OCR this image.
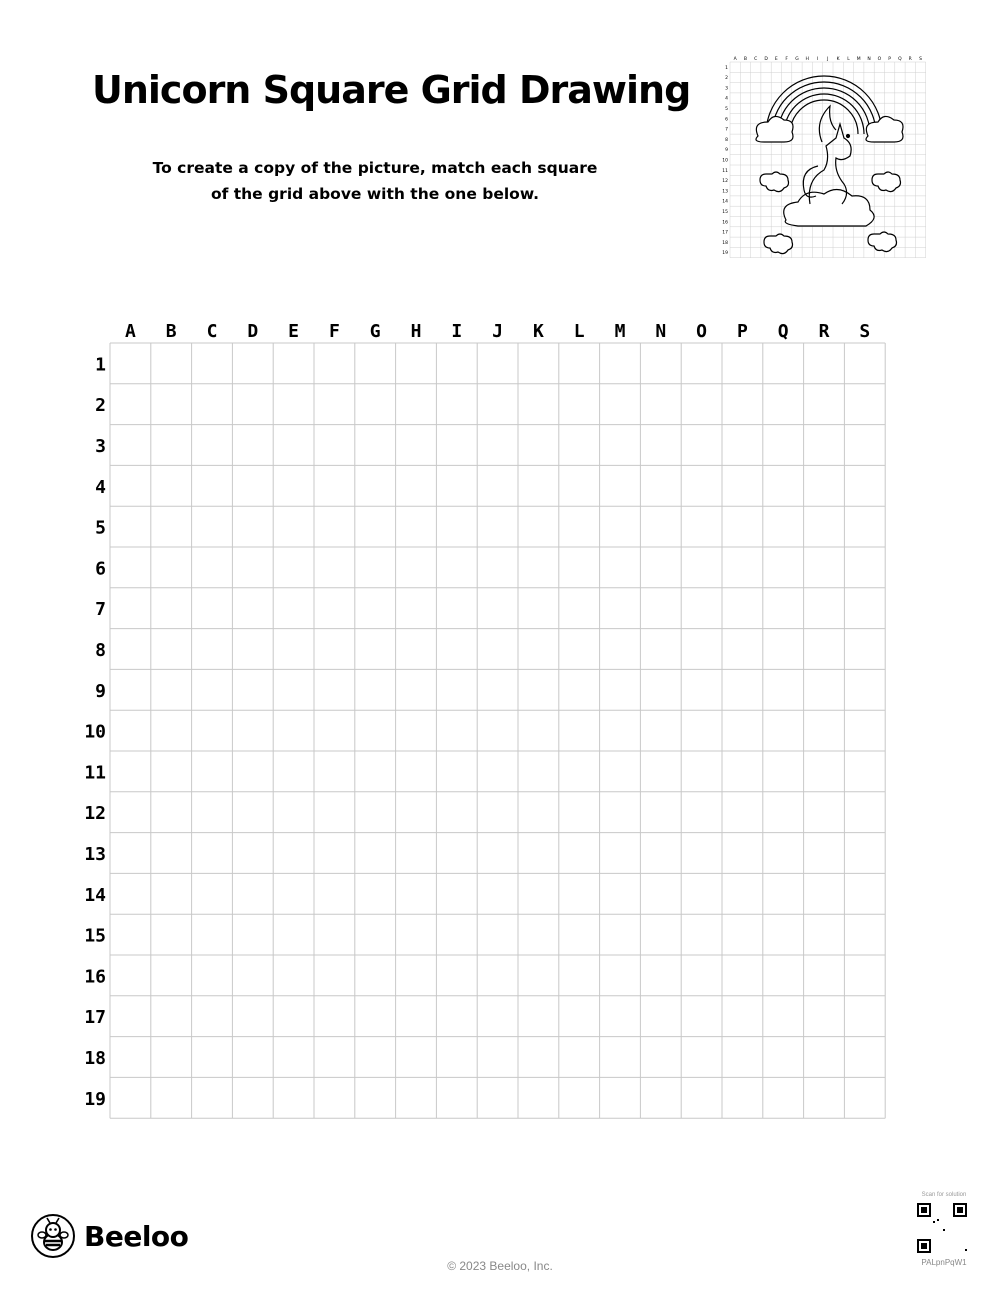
Unicorn Square Grid Drawing
To create a copy of the picture, match each square
of the grid above with the one below.
A B C D E F G H I J K L M N O P Q R S
1
2
3
4
5
6
7
8
9
10
11
12
13
14
15
16
17
18
19
A B C D E F G H I J K L M N O P Q R S
1
2
3
4
5
6
7
8
9
10
11
12
13
14
15
16
17
18
19
Beeloo
© 2023 Beeloo, Inc.
Scan for solution
PALpnPqW1
